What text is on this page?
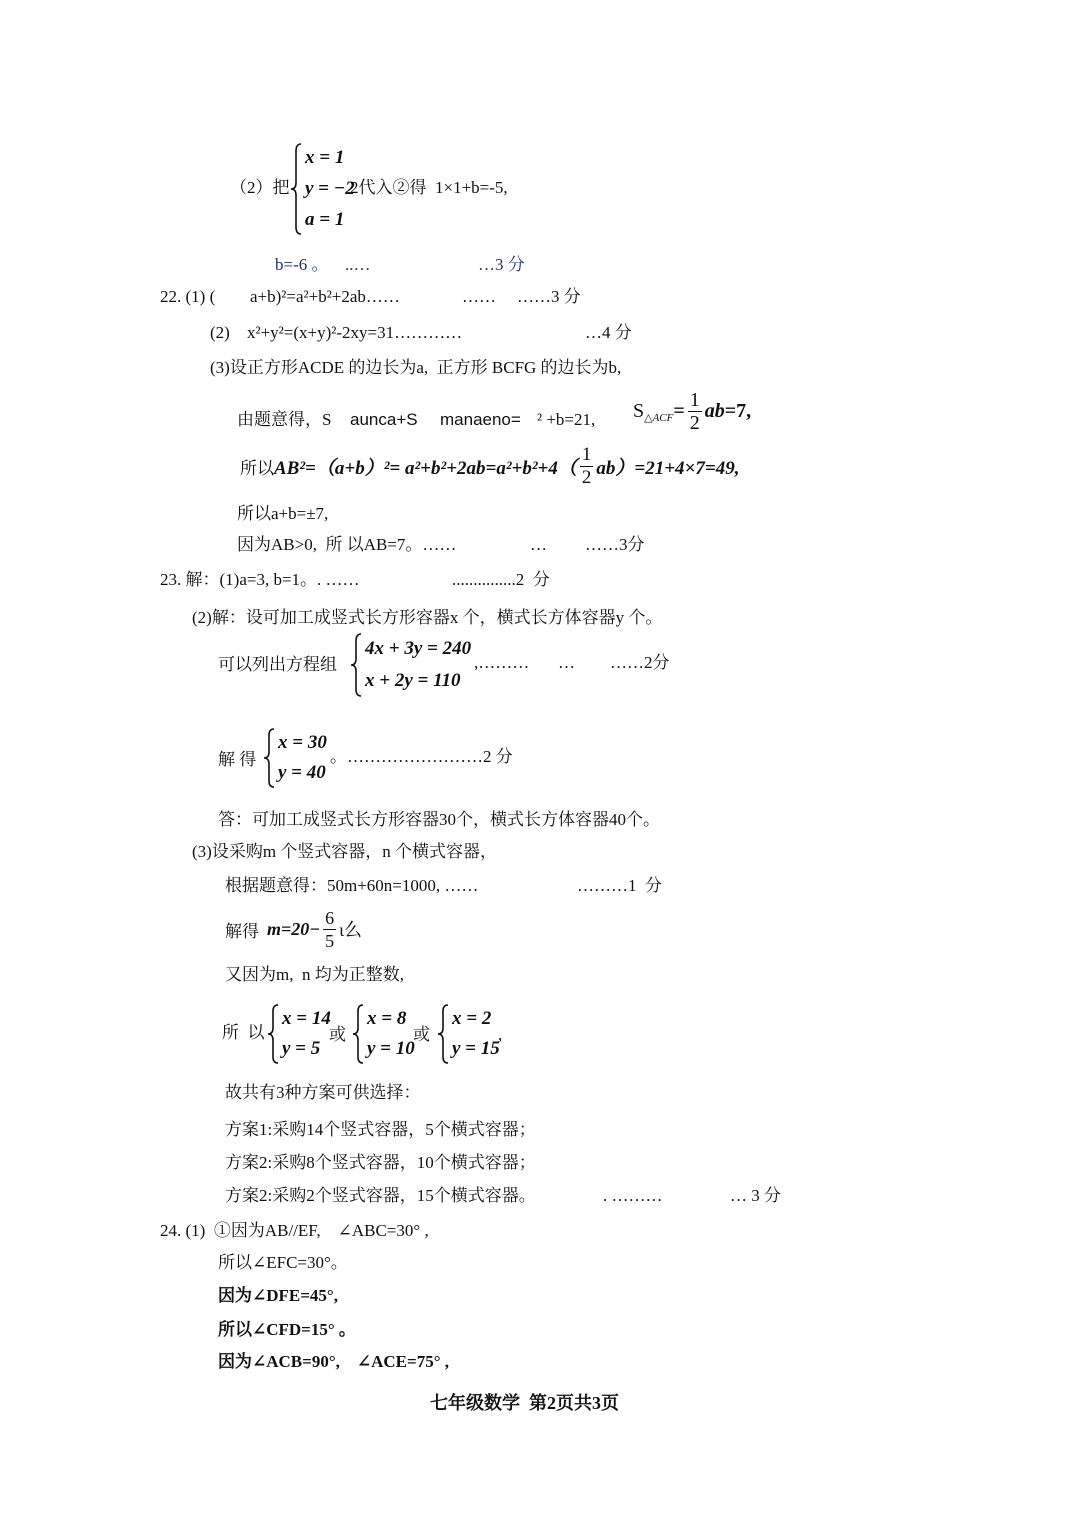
（2）把
x = 1
y = −2
a = 1
2代入②得  1×1+b=-5,
b=-6 。 ..…	…3 分
22. (1) ( a+b)²=a²+b²+2ab……	…… ……3 分
(2) x²+y²=(x+y)²-2xy=31…………	…4 分
(3)设正方形ACDE 的边长为a,  正方形 BCFG 的边长为b,
由题意得，S aunca+S manaeno= ² +b=21, S △ACF = $\frac{1}{2}$ ab =7,
所以 $AB^2=(a+b)^2= a^2+b^2+2ab=a^2+b^2+4( \frac{1}{2} ab)=21+4\times 7=49$,
所以a+b=±7,
因为AB>0,  所 以AB=7。……	… ……3分
23. 解：(1)a=3, b=1。. ……	...............2  分
(2)解：设可加工成竖式长方形容器x 个，横式长方体容器y 个。
可以列出方程组
4x + 3y = 240
x + 2y = 110
,……… … ……2分
解 得
x = 30
y = 40
。……………………2 分
答：可加工成竖式长方形容器30个，横式长方体容器40个。
(3)设采购m 个竖式容器，n 个横式容器，
根据题意得：50m+60n=1000, ……	………1  分
解得 $m=20- \frac{6}{5}$ ι么
又因为m,  n 均为正整数,
所  以
x = 14
y = 5
或
x = 8
y = 10
或
x = 2
y = 15
,
故共有3种方案可供选择：
方案1:采购14个竖式容器，5个横式容器；
方案2:采购8个竖式容器，10个横式容器；
方案2:采购2个竖式容器，15个横式容器。	. ………	… 3 分
24. (1)  ①因为AB//EF,    ∠ABC=30° ,
所以∠EFC=30°。
因为∠DFE=45°,
所以∠CFD=15° 。
因为∠ACB=90°,    ∠ACE=75° ,
七年级数学  第2页共3页
